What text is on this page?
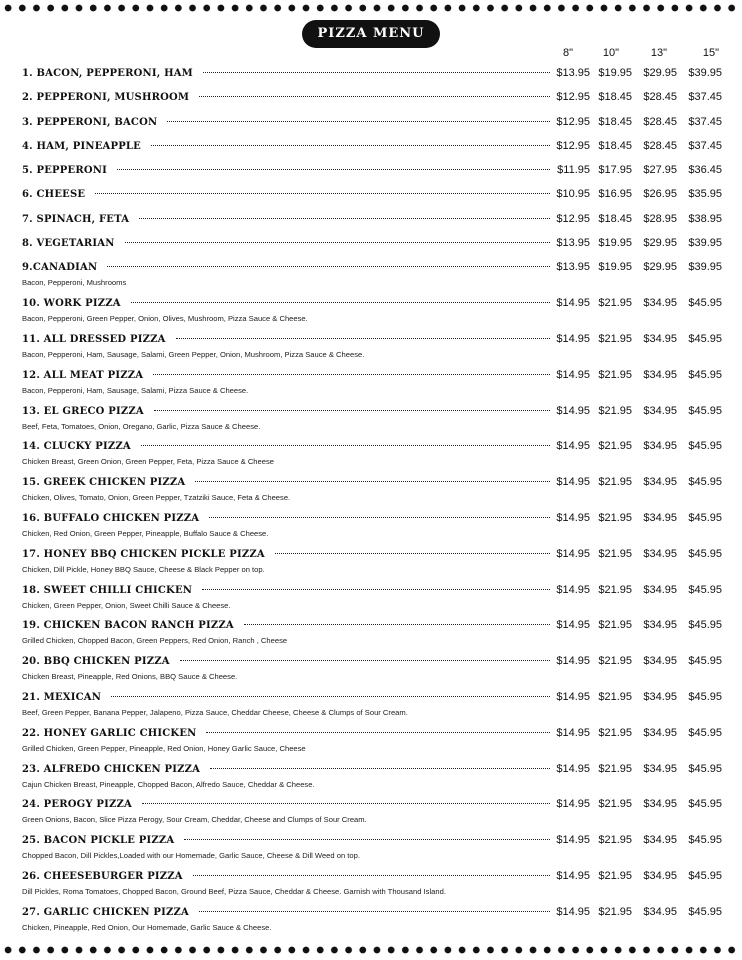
PIZZA MENU
8"	10"	13"	15"
1. BACON, PEPPERONI, HAM	$13.95 $19.95	$29.95	$39.95
2. PEPPERONI, MUSHROOM	$12.95 $18.45	$28.45	$37.45
3. PEPPERONI, BACON	$12.95 $18.45	$28.45	$37.45
4. HAM, PINEAPPLE	$12.95 $18.45	$28.45	$37.45
5. PEPPERONI	$11.95 $17.95	$27.95	$36.45
6. CHEESE	$10.95 $16.95	$26.95	$35.95
7. SPINACH, FETA	$12.95 $18.45	$28.95	$38.95
8. VEGETARIAN	$13.95 $19.95	$29.95	$39.95
9.CANADIAN	$13.95 $19.95	$29.95	$39.95
Bacon, Pepperoni, Mushrooms
10. WORK PIZZA	$14.95 $21.95	$34.95	$45.95
Bacon, Pepperoni, Green Pepper, Onion, Olives, Mushroom, Pizza Sauce & Cheese.
11. ALL DRESSED PIZZA	$14.95 $21.95	$34.95	$45.95
Bacon, Pepperoni, Ham, Sausage, Salami, Green Pepper, Onion, Mushroom, Pizza Sauce & Cheese.
12. ALL MEAT PIZZA	$14.95 $21.95	$34.95	$45.95
Bacon, Pepperoni, Ham, Sausage, Salami, Pizza Sauce & Cheese.
13. EL GRECO PIZZA	$14.95 $21.95	$34.95	$45.95
Beef, Feta, Tomatoes, Onion, Oregano, Garlic, Pizza Sauce & Cheese.
14. CLUCKY PIZZA	$14.95 $21.95	$34.95	$45.95
Chicken Breast, Green Onion, Green Pepper, Feta, Pizza Sauce & Cheese
15. GREEK CHICKEN PIZZA	$14.95 $21.95	$34.95	$45.95
Chicken, Olives, Tomato, Onion, Green Pepper, Tzatziki Sauce, Feta & Cheese.
16. BUFFALO CHICKEN PIZZA	$14.95 $21.95	$34.95	$45.95
Chicken, Red Onion, Green Pepper, Pineapple, Buffalo Sauce & Cheese.
17. HONEY BBQ CHICKEN PICKLE PIZZA	$14.95 $21.95	$34.95	$45.95
Chicken, Dill Pickle, Honey BBQ Sauce, Cheese & Black Pepper on top.
18. SWEET CHILLI CHICKEN	$14.95 $21.95	$34.95	$45.95
Chicken, Green Pepper, Onion, Sweet Chilli Sauce & Cheese.
19. CHICKEN BACON RANCH PIZZA	$14.95 $21.95	$34.95	$45.95
Grilled Chicken, Chopped Bacon, Green Peppers, Red Onion, Ranch , Cheese
20. BBQ CHICKEN PIZZA	$14.95 $21.95	$34.95	$45.95
Chicken Breast, Pineapple, Red Onions, BBQ Sauce & Cheese.
21. MEXICAN	$14.95 $21.95	$34.95	$45.95
Beef, Green Pepper, Banana Pepper, Jalapeno, Pizza Sauce, Cheddar Cheese, Cheese & Clumps of Sour Cream.
22. HONEY GARLIC CHICKEN	$14.95 $21.95	$34.95	$45.95
Grilled Chicken, Green Pepper, Pineapple, Red Onion, Honey Garlic Sauce, Cheese
23. ALFREDO CHICKEN PIZZA	$14.95 $21.95	$34.95	$45.95
Cajun Chicken Breast, Pineapple, Chopped Bacon, Alfredo Sauce, Cheddar & Cheese.
24. PEROGY PIZZA	$14.95 $21.95	$34.95	$45.95
Green Onions, Bacon, Slice Pizza Perogy, Sour Cream, Cheddar, Cheese and Clumps of Sour Cream.
25. BACON PICKLE PIZZA	$14.95 $21.95	$34.95	$45.95
Chopped Bacon, Dill Pickles,Loaded with our Homemade, Garlic Sauce, Cheese & Dill Weed on top.
26. CHEESEBURGER PIZZA	$14.95 $21.95	$34.95	$45.95
Dill Pickles, Roma Tomatoes, Chopped Bacon, Ground Beef, Pizza Sauce, Cheddar & Cheese. Garnish with Thousand Island.
27. GARLIC CHICKEN PIZZA	$14.95 $21.95	$34.95	$45.95
Chicken, Pineapple, Red Onion, Our Homemade, Garlic Sauce & Cheese.
